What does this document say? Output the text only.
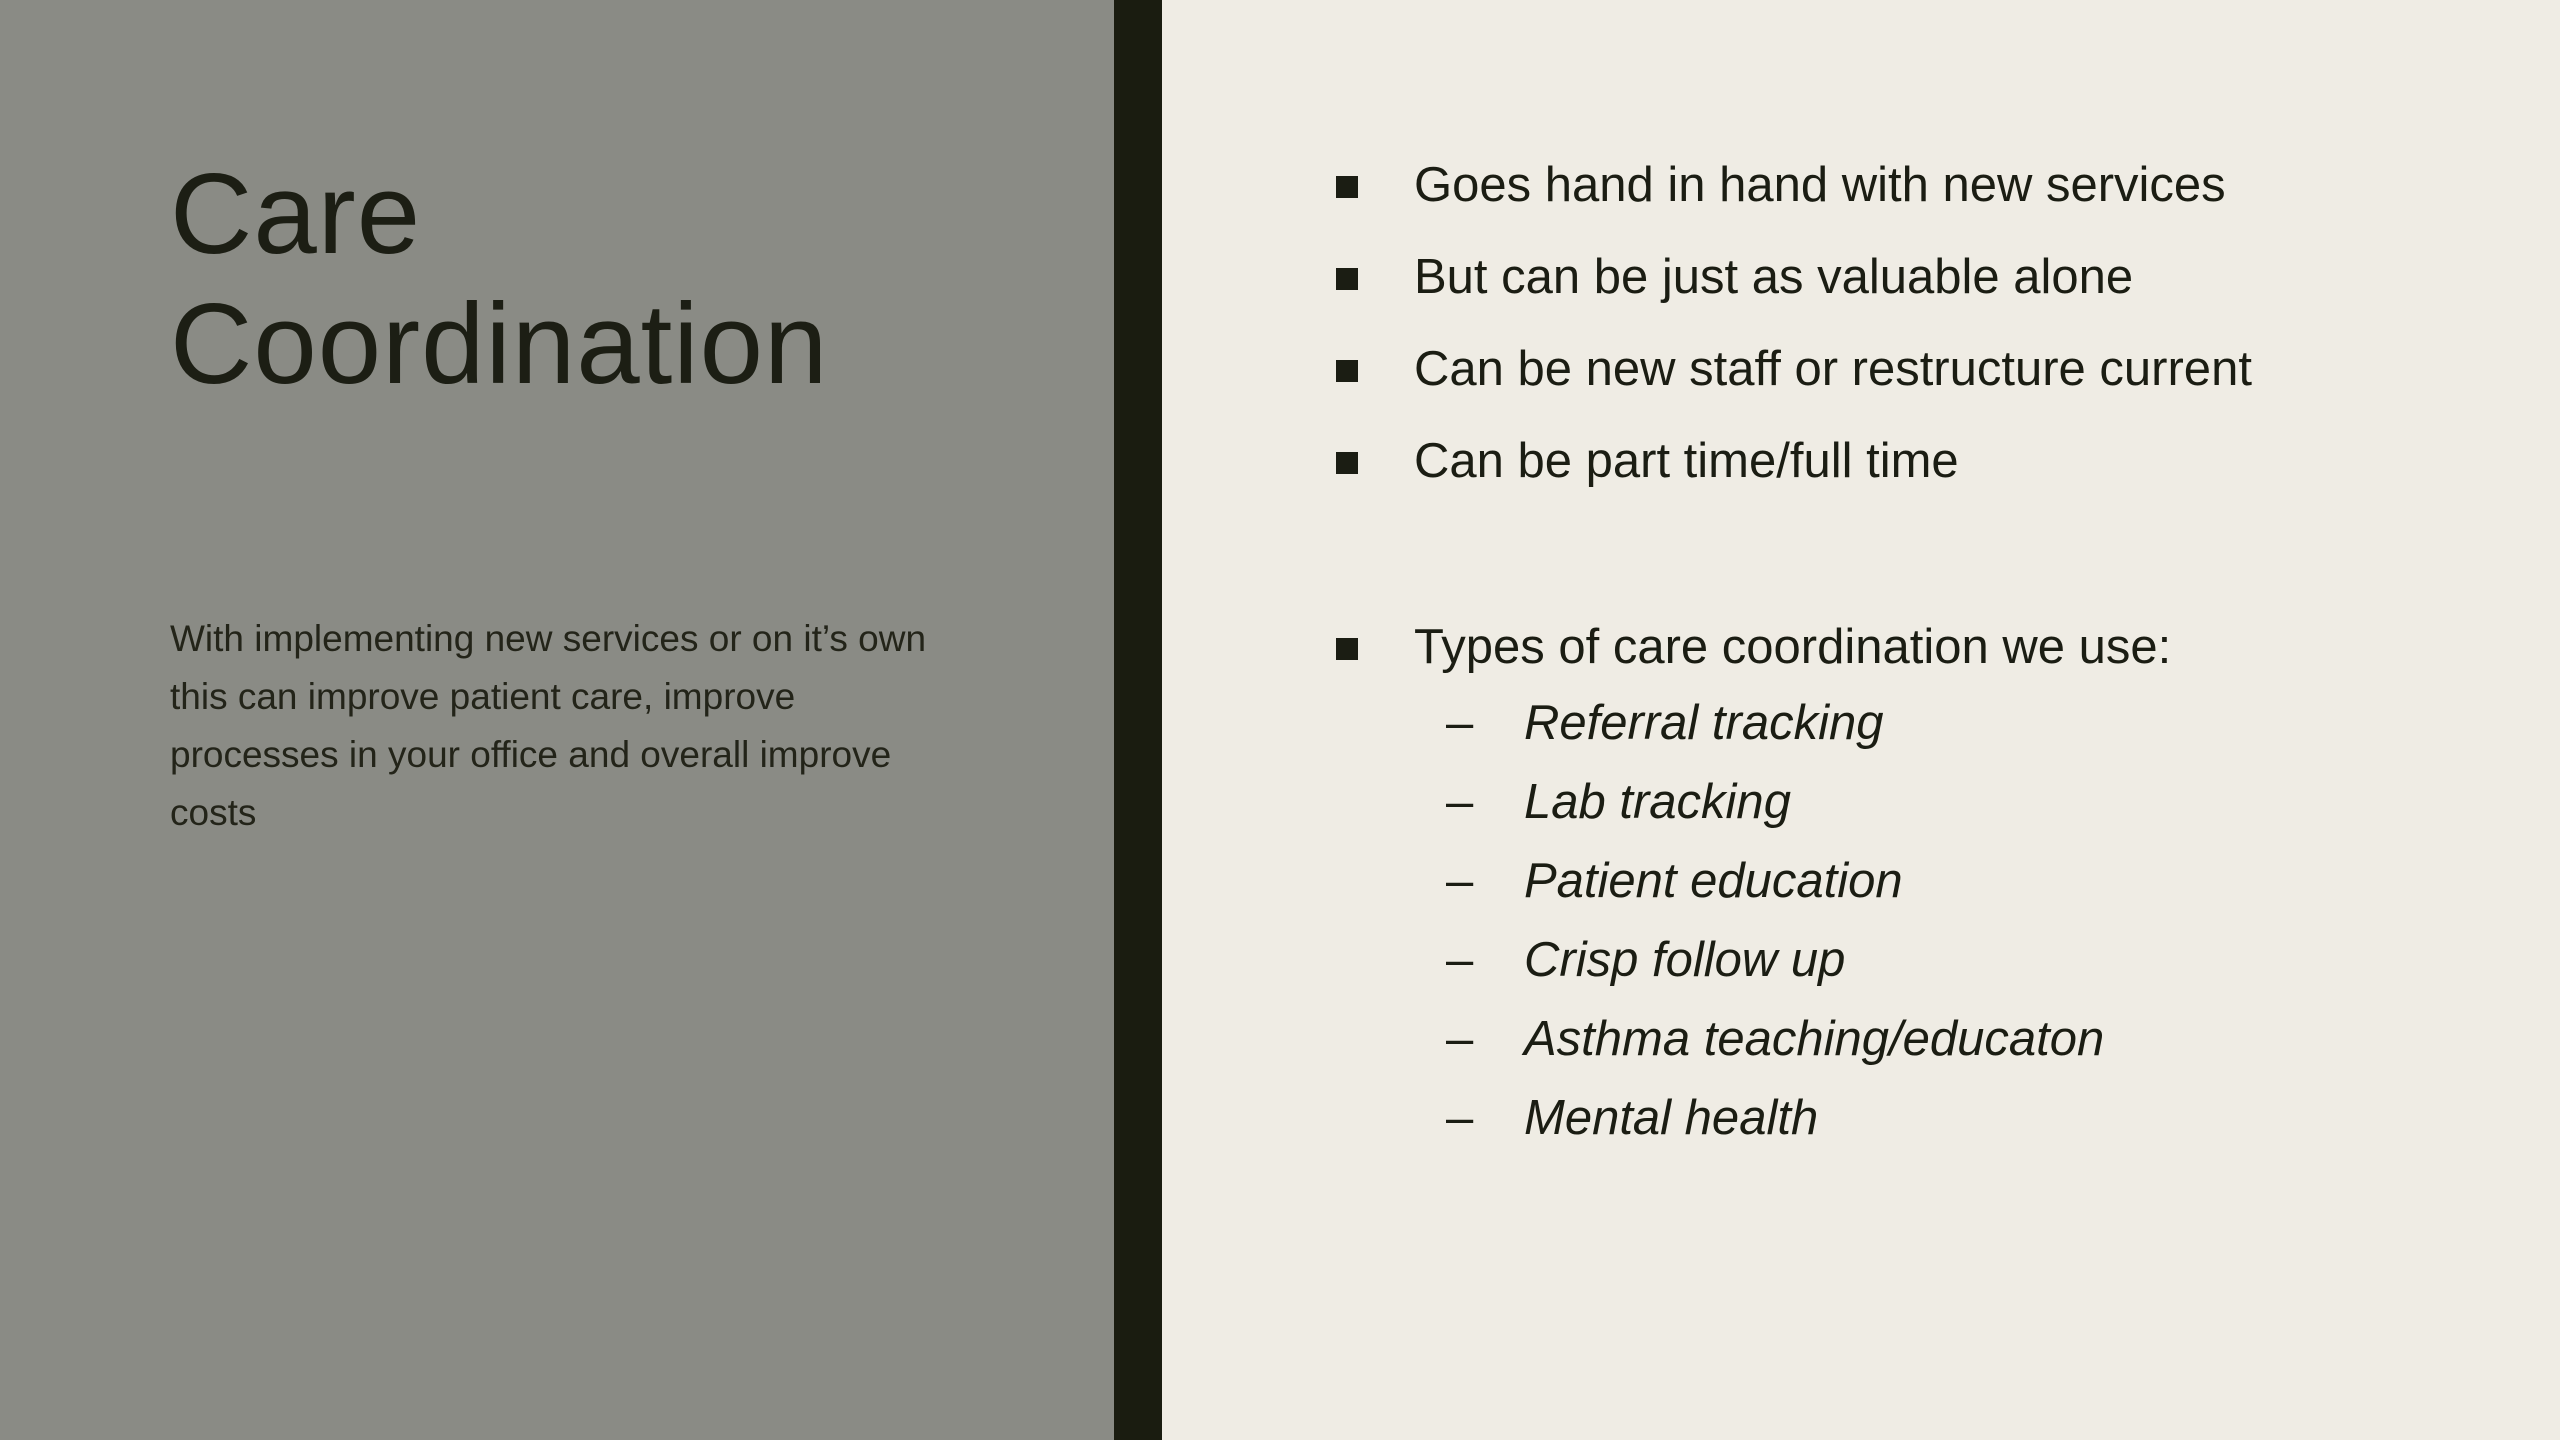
Care
Coordination

With implementing new services or on it’s own this can improve patient care, improve processes in your office and overall improve costs

Goes hand in hand with new services
But can be just as valuable alone
Can be new staff or restructure current
Can be part time/full time
Types of care coordination we use:
– Referral tracking
– Lab tracking
– Patient education
– Crisp follow up
– Asthma teaching/educaton
– Mental health
